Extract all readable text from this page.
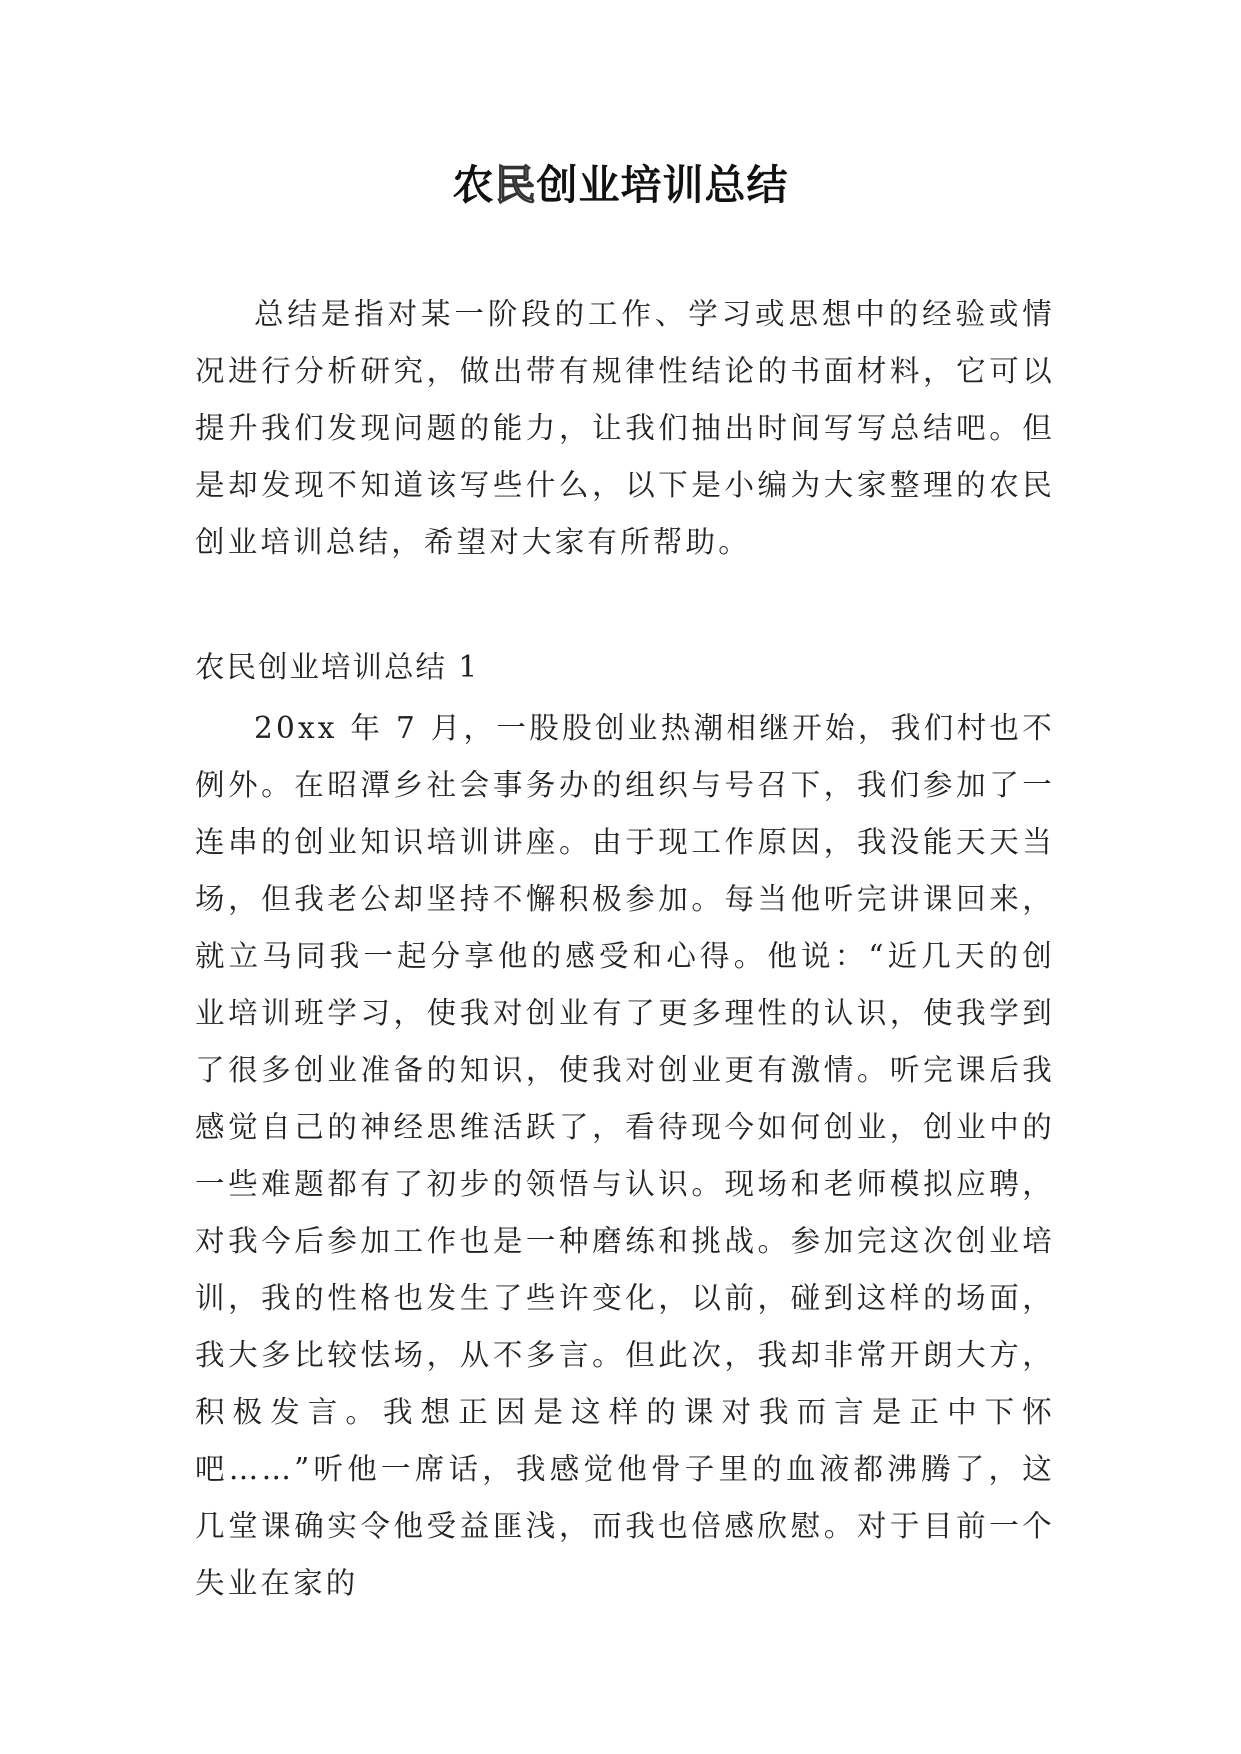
农民创业培训总结

总结是指对某一阶段的工作、学习或思想中的经验或情况进行分析研究，做出带有规律性结论的书面材料，它可以提升我们发现问题的能力，让我们抽出时间写写总结吧。但是却发现不知道该写些什么，以下是小编为大家整理的农民创业培训总结，希望对大家有所帮助。

农民创业培训总结 1

20xx 年 7 月，一股股创业热潮相继开始，我们村也不例外。在昭潭乡社会事务办的组织与号召下，我们参加了一连串的创业知识培训讲座。由于现工作原因，我没能天天当场，但我老公却坚持不懈积极参加。每当他听完讲课回来，就立马同我一起分享他的感受和心得。他说：“近几天的创业培训班学习，使我对创业有了更多理性的认识，使我学到了很多创业准备的知识，使我对创业更有激情。听完课后我感觉自己的神经思维活跃了，看待现今如何创业，创业中的一些难题都有了初步的领悟与认识。现场和老师模拟应聘，对我今后参加工作也是一种磨练和挑战。参加完这次创业培训，我的性格也发生了些许变化，以前，碰到这样的场面，我大多比较怯场，从不多言。但此次，我却非常开朗大方，积极发言。我想正因是这样的课对我而言是正中下怀吧……”听他一席话，我感觉他骨子里的血液都沸腾了，这几堂课确实令他受益匪浅，而我也倍感欣慰。对于目前一个失业在家的
